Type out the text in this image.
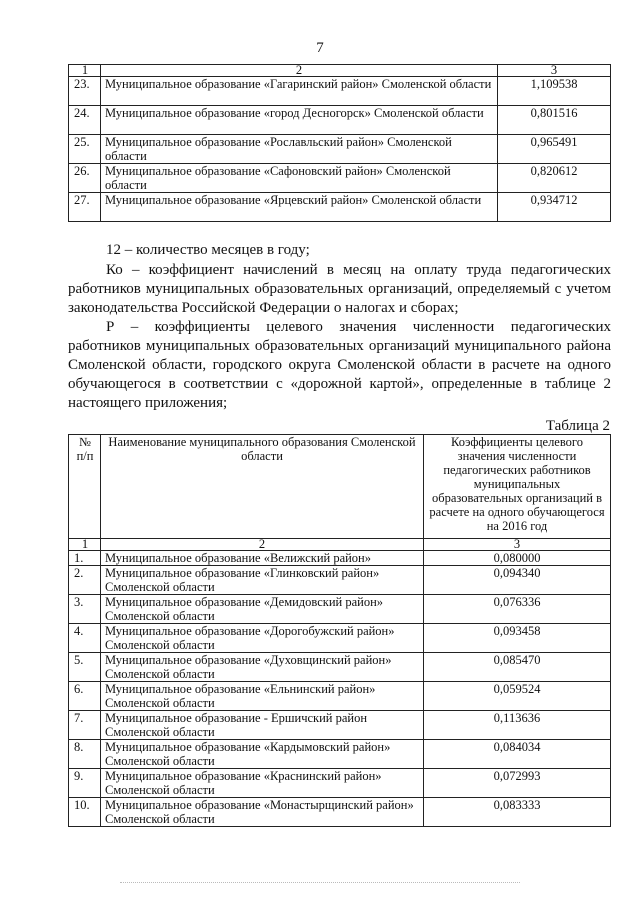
7
1	2	3
23.	Муниципальное образование «Гагаринский район» Смоленской области	1,109538
24.	Муниципальное образование «город Десногорск» Смоленской области	0,801516
25.	Муниципальное образование «Рославльский район» Смоленской области	0,965491
26.	Муниципальное образование «Сафоновский район» Смоленской области	0,820612
27.	Муниципальное образование «Ярцевский район» Смоленской области	0,934712

12 – количество месяцев в году;

Ко – коэффициент начислений в месяц на оплату труда педагогических работников муниципальных образовательных организаций, определяемый с учетом законодательства Российской Федерации о налогах и сборах;

Р – коэффициенты целевого значения численности педагогических работников муниципальных образовательных организаций муниципального района Смоленской области, городского округа Смоленской области в расчете на одного обучающегося в соответствии с «дорожной картой», определенные в таблице 2 настоящего приложения;

Таблица 2
№ п/п	Наименование муниципального образования Смоленской области	Коэффициенты целевого значения численности педагогических работников муниципальных образовательных организаций в расчете на одного обучающегося на 2016 год
1	2	3
1.	Муниципальное образование «Велижский район»	0,080000
2.	Муниципальное образование «Глинковский район» Смоленской области	0,094340
3.	Муниципальное образование «Демидовский район» Смоленской области	0,076336
4.	Муниципальное образование «Дорогобужский район» Смоленской области	0,093458
5.	Муниципальное образование «Духовщинский район» Смоленской области	0,085470
6.	Муниципальное образование «Ельнинский район» Смоленской области	0,059524
7.	Муниципальное образование - Ершичский район Смоленской области	0,113636
8.	Муниципальное образование «Кардымовский район» Смоленской области	0,084034
9.	Муниципальное образование «Краснинский район» Смоленской области	0,072993
10.	Муниципальное образование «Монастырщинский район» Смоленской области	0,083333
